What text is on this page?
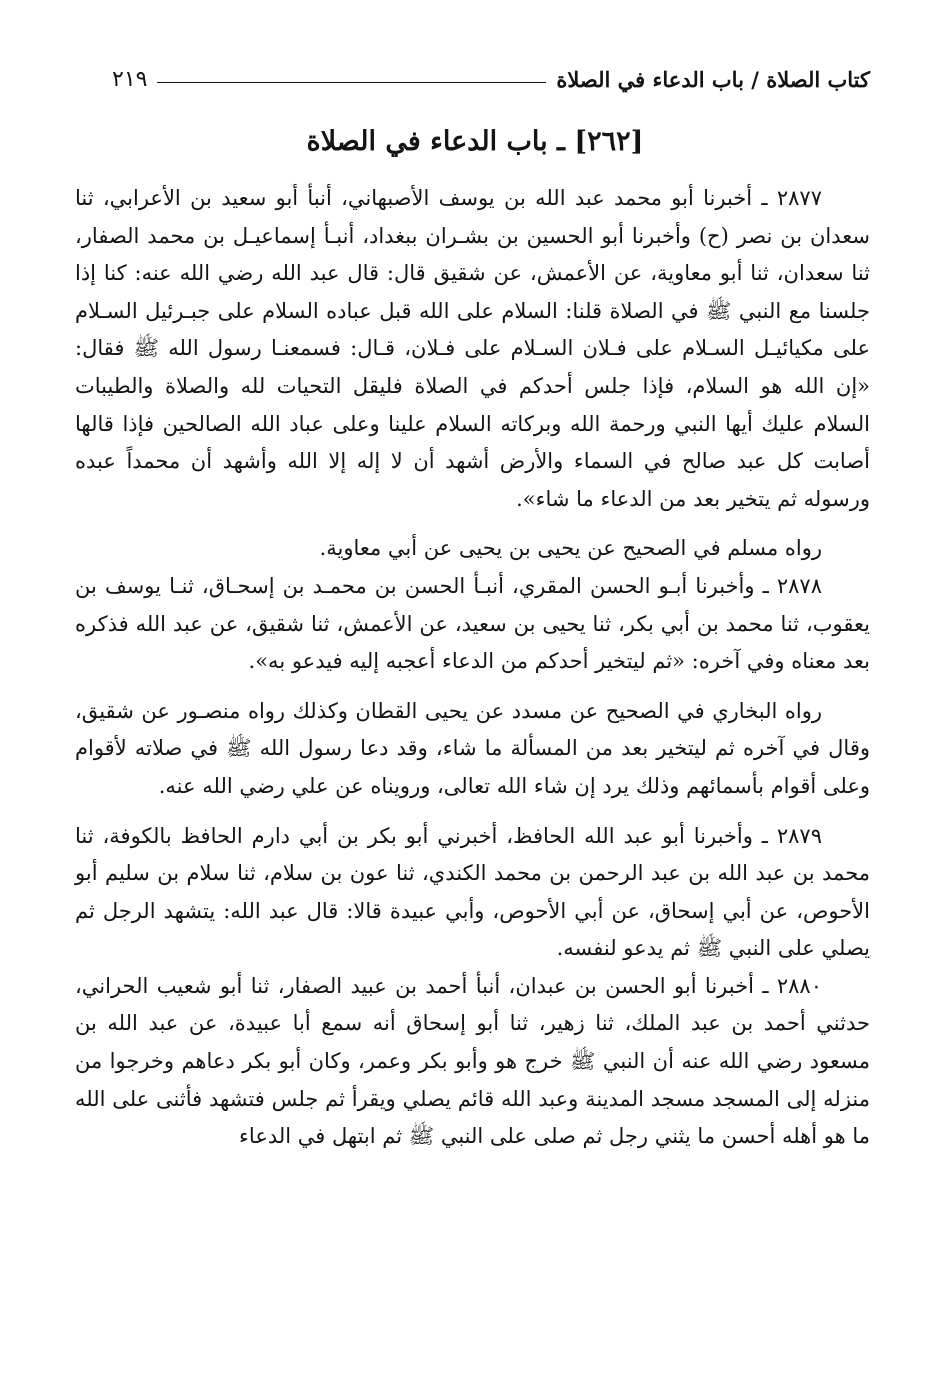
كتاب الصلاة / باب الدعاء في الصلاة
٢١٩
[٢٦٢] ـ باب الدعاء في الصلاة

٢٨٧٧ ـ أخبرنا أبو محمد عبد الله بن يوسف الأصبهاني، أنبأ أبو سعيد بن الأعرابي، ثنا سعدان بن نصر (ح) وأخبرنا أبو الحسين بن بشـران ببغداد، أنبـأ إسماعيـل بن محمد الصفار، ثنا سعدان، ثنا أبو معاوية، عن الأعمش، عن شقيق قال: قال عبد الله رضي الله عنه: كنا إذا جلسنا مع النبي ﷺ في الصلاة قلنا: السلام على الله قبل عباده السلام على جبـرئيل السـلام على مكيائيـل السـلام على فـلان السـلام على فـلان، قـال: فسمعنـا رسول الله ﷺ فقال: «إن الله هو السلام، فإذا جلس أحدكم في الصلاة فليقل التحيات لله والصلاة والطيبات السلام عليك أيها النبي ورحمة الله وبركاته السلام علينا وعلى عباد الله الصالحين فإذا قالها أصابت كل عبد صالح في السماء والأرض أشهد أن لا إله إلا الله وأشهد أن محمداً عبده ورسوله ثم يتخير بعد من الدعاء ما شاء».

رواه مسلم في الصحيح عن يحيى بن يحيى عن أبي معاوية.

٢٨٧٨ ـ وأخبرنا أبـو الحسن المقري، أنبـأ الحسن بن محمـد بن إسحـاق، ثنـا يوسف بن يعقوب، ثنا محمد بن أبي بكر، ثنا يحيى بن سعيد، عن الأعمش، ثنا شقيق، عن عبد الله فذكره بعد معناه وفي آخره: «ثم ليتخير أحدكم من الدعاء أعجبه إليه فيدعو به».

رواه البخاري في الصحيح عن مسدد عن يحيى القطان وكذلك رواه منصـور عن شقيق، وقال في آخره ثم ليتخير بعد من المسألة ما شاء، وقد دعا رسول الله ﷺ في صلاته لأقوام وعلى أقوام بأسمائهم وذلك يرد إن شاء الله تعالى، ورويناه عن علي رضي الله عنه.

٢٨٧٩ ـ وأخبرنا أبو عبد الله الحافظ، أخبرني أبو بكر بن أبي دارم الحافظ بالكوفة، ثنا محمد بن عبد الله بن عبد الرحمن بن محمد الكندي، ثنا عون بن سلام، ثنا سلام بن سليم أبو الأحوص، عن أبي إسحاق، عن أبي الأحوص، وأبي عبيدة قالا: قال عبد الله: يتشهد الرجل ثم يصلي على النبي ﷺ ثم يدعو لنفسه.

٢٨٨٠ ـ أخبرنا أبو الحسن بن عبدان، أنبأ أحمد بن عبيد الصفار، ثنا أبو شعيب الحراني، حدثني أحمد بن عبد الملك، ثنا زهير، ثنا أبو إسحاق أنه سمع أبا عبيدة، عن عبد الله بن مسعود رضي الله عنه أن النبي ﷺ خرج هو وأبو بكر وعمر، وكان أبو بكر دعاهم وخرجوا من منزله إلى المسجد مسجد المدينة وعبد الله قائم يصلي ويقرأ ثم جلس فتشهد فأثنى على الله ما هو أهله أحسن ما يثني رجل ثم صلى على النبي ﷺ ثم ابتهل في الدعاء
